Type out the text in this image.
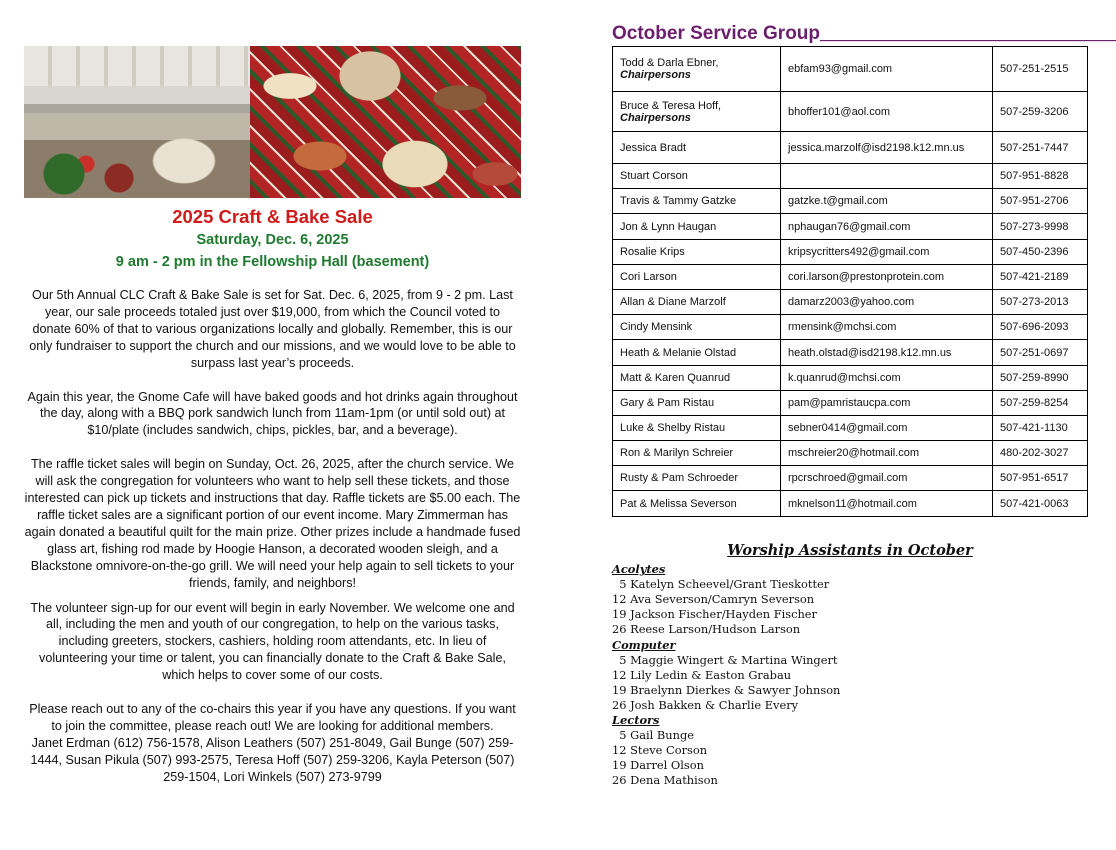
2025 Craft & Bake Sale
Saturday, Dec. 6, 2025
9 am - 2 pm in the Fellowship Hall (basement)

Our 5th Annual CLC Craft & Bake Sale is set for Sat. Dec. 6, 2025, from 9 - 2 pm. Last year, our sale proceeds totaled just over $19,000, from which the Council voted to donate 60% of that to various organizations locally and globally. Remember, this is our only fundraiser to support the church and our missions, and we would love to be able to surpass last year’s proceeds.

Again this year, the Gnome Cafe will have baked goods and hot drinks again throughout the day, along with a BBQ pork sandwich lunch from 11am-1pm (or until sold out) at $10/plate (includes sandwich, chips, pickles, bar, and a beverage).

The raffle ticket sales will begin on Sunday, Oct. 26, 2025, after the church service. We will ask the congregation for volunteers who want to help sell these tickets, and those interested can pick up tickets and instructions that day. Raffle tickets are $5.00 each. The raffle ticket sales are a significant portion of our event income. Mary Zimmerman has again donated a beautiful quilt for the main prize. Other prizes include a handmade fused glass art, fishing rod made by Hoogie Hanson, a decorated wooden sleigh, and a Blackstone omnivore-on-the-go grill. We will need your help again to sell tickets to your friends, family, and neighbors!

The volunteer sign-up for our event will begin in early November. We welcome one and all, including the men and youth of our congregation, to help on the various tasks, including greeters, stockers, cashiers, holding room attendants, etc. In lieu of volunteering your time or talent, you can financially donate to the Craft & Bake Sale, which helps to cover some of our costs.

Please reach out to any of the co-chairs this year if you have any questions. If you want to join the committee, please reach out! We are looking for additional members.

Janet Erdman (612) 756-1578, Alison Leathers (507) 251-8049, Gail Bunge (507) 259-1444, Susan Pikula (507) 993-2575, Teresa Hoff (507) 259-3206, Kayla Peterson (507) 259-1504, Lori Winkels (507) 273-9799

October Service Group____________________________
Todd & Darla Ebner,
Chairpersons	ebfam93@gmail.com	507-251-2515
Bruce & Teresa Hoff,
Chairpersons	bhoffer101@aol.com	507-259-3206
Jessica Bradt	jessica.marzolf@isd2198.k12.mn.us	507-251-7447
Stuart Corson		507-951-8828
Travis & Tammy Gatzke	gatzke.t@gmail.com	507-951-2706
Jon & Lynn Haugan	nphaugan76@gmail.com	507-273-9998
Rosalie Krips	kripsycritters492@gmail.com	507-450-2396
Cori Larson	cori.larson@prestonprotein.com	507-421-2189
Allan & Diane Marzolf	damarz2003@yahoo.com	507-273-2013
Cindy Mensink	rmensink@mchsi.com	507-696-2093
Heath & Melanie Olstad	heath.olstad@isd2198.k12.mn.us	507-251-0697
Matt & Karen Quanrud	k.quanrud@mchsi.com	507-259-8990
Gary & Pam Ristau	pam@pamristaucpa.com	507-259-8254
Luke & Shelby Ristau	sebner0414@gmail.com	507-421-1130
Ron & Marilyn Schreier	mschreier20@hotmail.com	480-202-3027
Rusty & Pam Schroeder	rpcrschroed@gmail.com	507-951-6517
Pat & Melissa Severson	mknelson11@hotmail.com	507-421-0063
Worship Assistants in October
Acolytes
5 Katelyn Scheevel/Grant Tieskotter
12 Ava Severson/Camryn Severson
19 Jackson Fischer/Hayden Fischer
26 Reese Larson/Hudson Larson
Computer
5 Maggie Wingert & Martina Wingert
12 Lily Ledin & Easton Grabau
19 Braelynn Dierkes & Sawyer Johnson
26 Josh Bakken & Charlie Every
Lectors
5 Gail Bunge
12 Steve Corson
19 Darrel Olson
26 Dena Mathison
